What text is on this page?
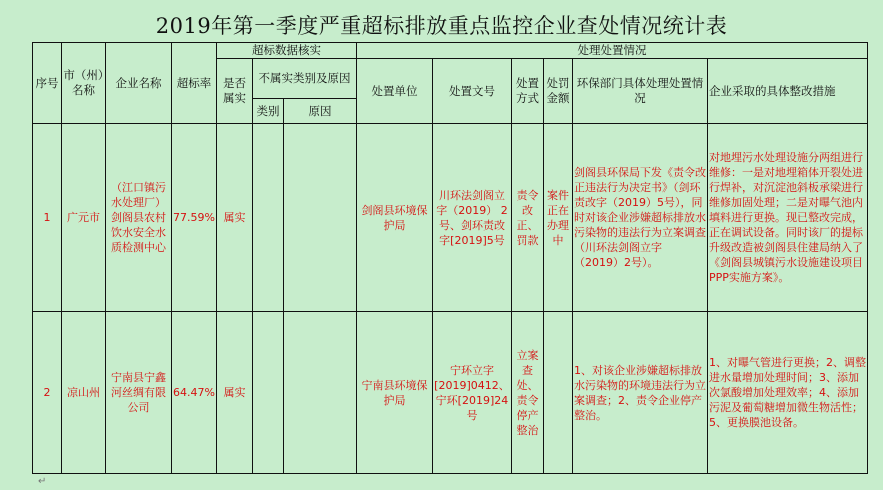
2019年第一季度严重超标排放重点监控企业查处情况统计表
序号	市（州）名称	企业名称	超标率	超标数据核实			处理处置情况					
				是否属实	不属实类别及原因		处置单位	处置文号	处置方式	处罚金额	环保部门具体处理处置情况	企业采取的具体整改措施
					类别	原因						
1	广元市	（江口镇污水处理厂）剑阁县农村饮水安全水质检测中心	77.59%	属实			剑阁县环境保护局	川环法剑阁立字（2019） 2号、剑环责改字[2019]5号	责令改正、罚款	案件正在办理中	剑阁县环保局下发《责令改正违法行为决定书》（剑环责改字（2019）5号），同时对该企业涉嫌超标排放水污染物的违法行为立案调查（川环法剑阁立字（2019）2号）。	对地埋污水处理设施分两组进行维修：一是对地埋箱体开裂处进行焊补，对沉淀池斜板承梁进行维修加固处理；二是对曝气池内填料进行更换。现已整改完成，正在调试设备。同时该厂的提标升级改造被剑阁县住建局纳入了《剑阁县城镇污水设施建设项目PPP实施方案》。
2	凉山州	宁南县宁鑫河丝绸有限公司	64.47%	属实			宁南县环境保护局	宁环立字[2019]0412、宁环[2019]24号	立案查处、责令停产整治		1、对该企业涉嫌超标排放水污染物的环境违法行为立案调查；2、责令企业停产整治。	1、对曝气管进行更换；2、调整进水量增加处理时间；3、添加次氯酸增加处理效率；4、添加污泥及葡萄糖增加微生物活性；5、更换膜池设备。
↵
